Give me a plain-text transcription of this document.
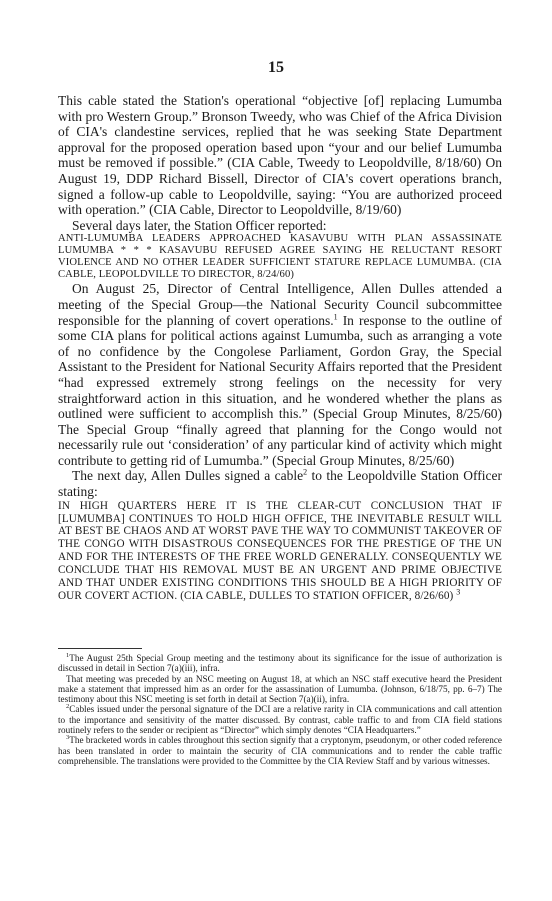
15

This cable stated the Station's operational “objective [of] replacing Lumumba with pro Western Group.” Bronson Tweedy, who was Chief of the Africa Division of CIA's clandestine services, replied that he was seeking State Department approval for the proposed operation based upon “your and our belief Lumumba must be removed if possible.” (CIA Cable, Tweedy to Leopoldville, 8/18/60) On August 19, DDP Richard Bissell, Director of CIA's covert operations branch, signed a follow-up cable to Leopoldville, saying: “You are authorized proceed with operation.” (CIA Cable, Director to Leopoldville, 8/19/60)

Several days later, the Station Officer reported:

ANTI-LUMUMBA LEADERS APPROACHED KASAVUBU WITH PLAN ASSASSINATE LUMUMBA * * * KASAVUBU REFUSED AGREE SAYING HE RELUCTANT RESORT VIOLENCE AND NO OTHER LEADER SUFFICIENT STATURE REPLACE LUMUMBA. (CIA CABLE, LEOPOLDVILLE TO DIRECTOR, 8/24/60)

On August 25, Director of Central Intelligence, Allen Dulles attended a meeting of the Special Group—the National Security Council subcommittee responsible for the planning of covert operations.$^1$ In response to the outline of some CIA plans for political actions against Lumumba, such as arranging a vote of no confidence by the Congolese Parliament, Gordon Gray, the Special Assistant to the President for National Security Affairs reported that the President “had expressed extremely strong feelings on the necessity for very straightforward action in this situation, and he wondered whether the plans as outlined were sufficient to accomplish this.” (Special Group Minutes, 8/25/60) The Special Group “finally agreed that planning for the Congo would not necessarily rule out ‘consideration’ of any particular kind of activity which might contribute to getting rid of Lumumba.” (Special Group Minutes, 8/25/60)

The next day, Allen Dulles signed a cable$^2$ to the Leopoldville Station Officer stating:

IN HIGH QUARTERS HERE IT IS THE CLEAR-CUT CONCLUSION THAT IF [LUMUMBA] CONTINUES TO HOLD HIGH OFFICE, THE INEVITABLE RESULT WILL AT BEST BE CHAOS AND AT WORST PAVE THE WAY TO COMMUNIST TAKEOVER OF THE CONGO WITH DISASTROUS CONSEQUENCES FOR THE PRESTIGE OF THE UN AND FOR THE INTERESTS OF THE FREE WORLD GENERALLY. CONSEQUENTLY WE CONCLUDE THAT HIS REMOVAL MUST BE AN URGENT AND PRIME OBJECTIVE AND THAT UNDER EXISTING CONDITIONS THIS SHOULD BE A HIGH PRIORITY OF OUR COVERT ACTION. (CIA CABLE, DULLES TO STATION OFFICER, 8/26/60) $^3$

$^1$The August 25th Special Group meeting and the testimony about its significance for the issue of authorization is discussed in detail in Section 7(a)(iii), infra.

That meeting was preceded by an NSC meeting on August 18, at which an NSC staff executive heard the President make a statement that impressed him as an order for the assassination of Lumumba. (Johnson, 6/18/75, pp. 6–7) The testimony about this NSC meeting is set forth in detail at Section 7(a)(ii), infra.

$^2$Cables issued under the personal signature of the DCI are a relative rarity in CIA communications and call attention to the importance and sensitivity of the matter discussed. By contrast, cable traffic to and from CIA field stations routinely refers to the sender or recipient as “Director” which simply denotes “CIA Headquarters.”

$^3$The bracketed words in cables throughout this section signify that a cryptonym, pseudonym, or other coded reference has been translated in order to maintain the security of CIA communications and to render the cable traffic comprehensible. The translations were provided to the Committee by the CIA Review Staff and by various witnesses.
